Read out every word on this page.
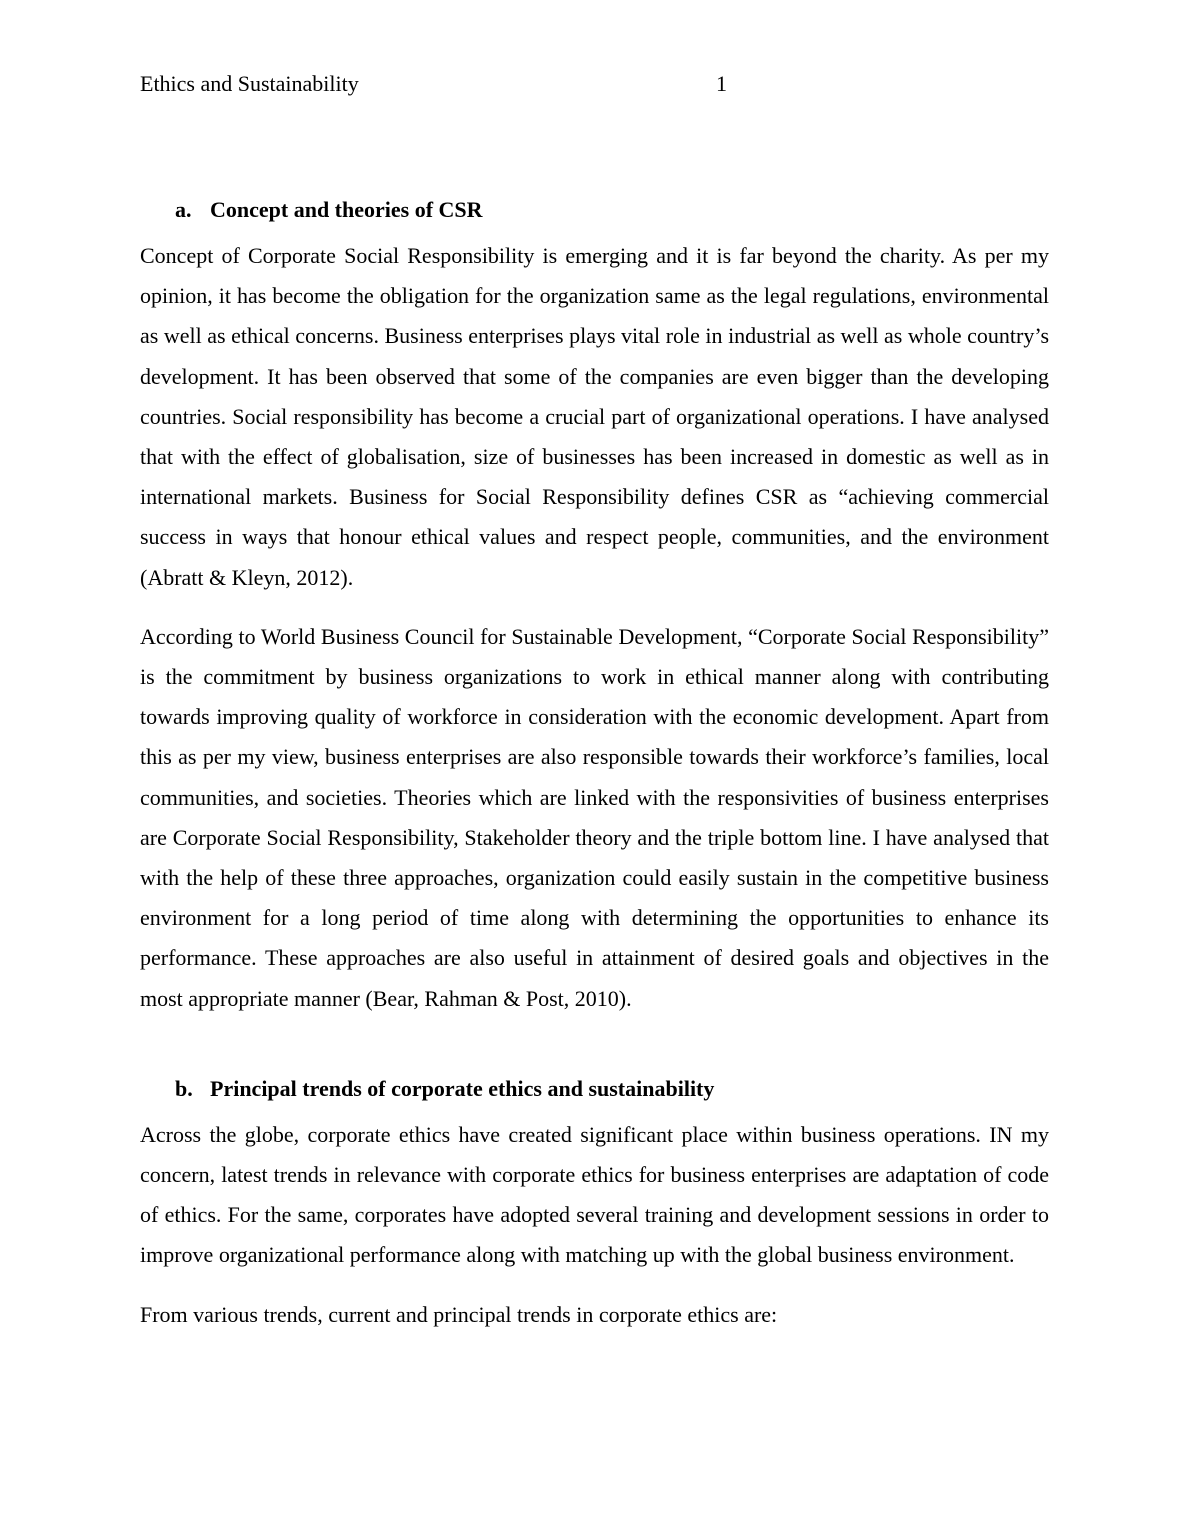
Ethics and Sustainability	1
a. Concept and theories of CSR

Concept of Corporate Social Responsibility is emerging and it is far beyond the charity. As per my opinion, it has become the obligation for the organization same as the legal regulations, environmental as well as ethical concerns. Business enterprises plays vital role in industrial as well as whole country’s development. It has been observed that some of the companies are even bigger than the developing countries. Social responsibility has become a crucial part of organizational operations. I have analysed that with the effect of globalisation, size of businesses has been increased in domestic as well as in international markets. Business for Social Responsibility defines CSR as “achieving commercial success in ways that honour ethical values and respect people, communities, and the environment (Abratt & Kleyn, 2012).

According to World Business Council for Sustainable Development, “Corporate Social Responsibility” is the commitment by business organizations to work in ethical manner along with contributing towards improving quality of workforce in consideration with the economic development. Apart from this as per my view, business enterprises are also responsible towards their workforce’s families, local communities, and societies. Theories which are linked with the responsivities of business enterprises are Corporate Social Responsibility, Stakeholder theory and the triple bottom line. I have analysed that with the help of these three approaches, organization could easily sustain in the competitive business environment for a long period of time along with determining the opportunities to enhance its performance. These approaches are also useful in attainment of desired goals and objectives in the most appropriate manner (Bear, Rahman & Post, 2010).

b. Principal trends of corporate ethics and sustainability

Across the globe, corporate ethics have created significant place within business operations. IN my concern, latest trends in relevance with corporate ethics for business enterprises are adaptation of code of ethics. For the same, corporates have adopted several training and development sessions in order to improve organizational performance along with matching up with the global business environment.

From various trends, current and principal trends in corporate ethics are:
